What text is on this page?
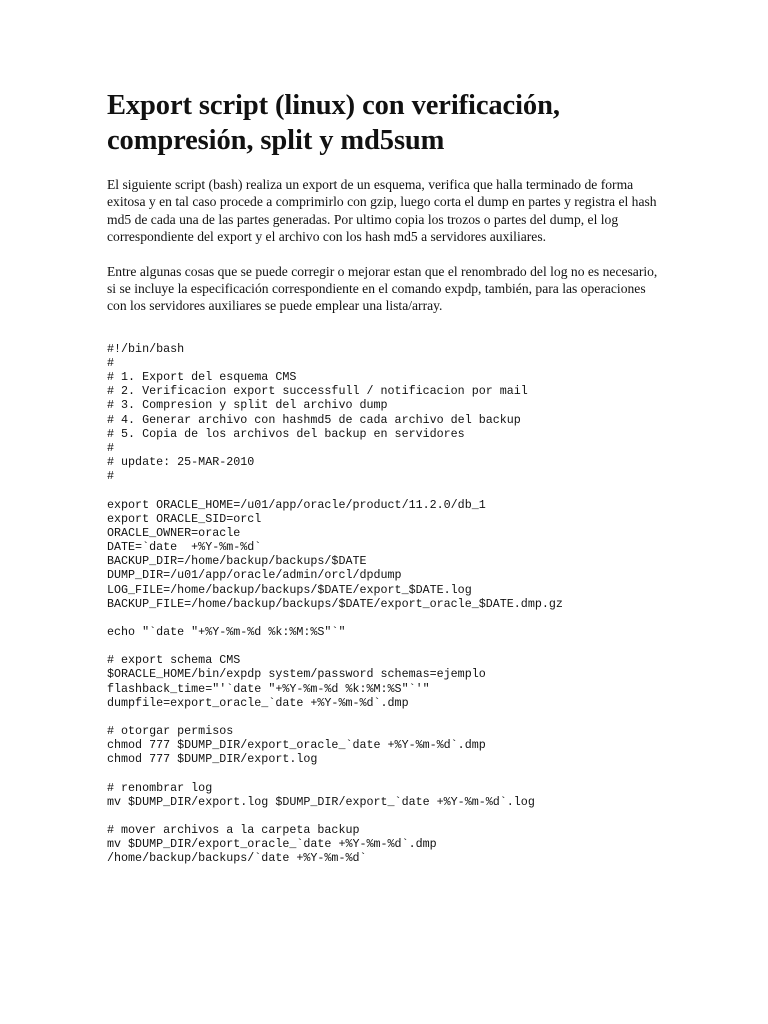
Export script (linux) con verificación, compresión, split y md5sum

El siguiente script (bash) realiza un export de un esquema, verifica que halla terminado de forma exitosa y en tal caso procede a comprimirlo con gzip, luego corta el dump en partes y registra el hash md5 de cada una de las partes generadas. Por ultimo copia los trozos o partes del dump, el log correspondiente del export y el archivo con los hash md5 a servidores auxiliares.

Entre algunas cosas que se puede corregir o mejorar estan que el renombrado del log no es necesario, si se incluye la especificación correspondiente en el comando expdp, también, para las operaciones con los servidores auxiliares se puede emplear una lista/array.

#!/bin/bash
#
# 1. Export del esquema CMS
# 2. Verificacion export successfull / notificacion por mail
# 3. Compresion y split del archivo dump
# 4. Generar archivo con hashmd5 de cada archivo del backup
# 5. Copia de los archivos del backup en servidores
#
# update: 25-MAR-2010
#

export ORACLE_HOME=/u01/app/oracle/product/11.2.0/db_1
export ORACLE_SID=orcl
ORACLE_OWNER=oracle
DATE=`date  +%Y-%m-%d`
BACKUP_DIR=/home/backup/backups/$DATE
DUMP_DIR=/u01/app/oracle/admin/orcl/dpdump
LOG_FILE=/home/backup/backups/$DATE/export_$DATE.log
BACKUP_FILE=/home/backup/backups/$DATE/export_oracle_$DATE.dmp.gz

echo "`date "+%Y-%m-%d %k:%M:%S"`"

# export schema CMS
$ORACLE_HOME/bin/expdp system/password schemas=ejemplo
flashback_time="'`date "+%Y-%m-%d %k:%M:%S"`'"
dumpfile=export_oracle_`date +%Y-%m-%d`.dmp

# otorgar permisos
chmod 777 $DUMP_DIR/export_oracle_`date +%Y-%m-%d`.dmp
chmod 777 $DUMP_DIR/export.log

# renombrar log
mv $DUMP_DIR/export.log $DUMP_DIR/export_`date +%Y-%m-%d`.log

# mover archivos a la carpeta backup
mv $DUMP_DIR/export_oracle_`date +%Y-%m-%d`.dmp
/home/backup/backups/`date +%Y-%m-%d`
